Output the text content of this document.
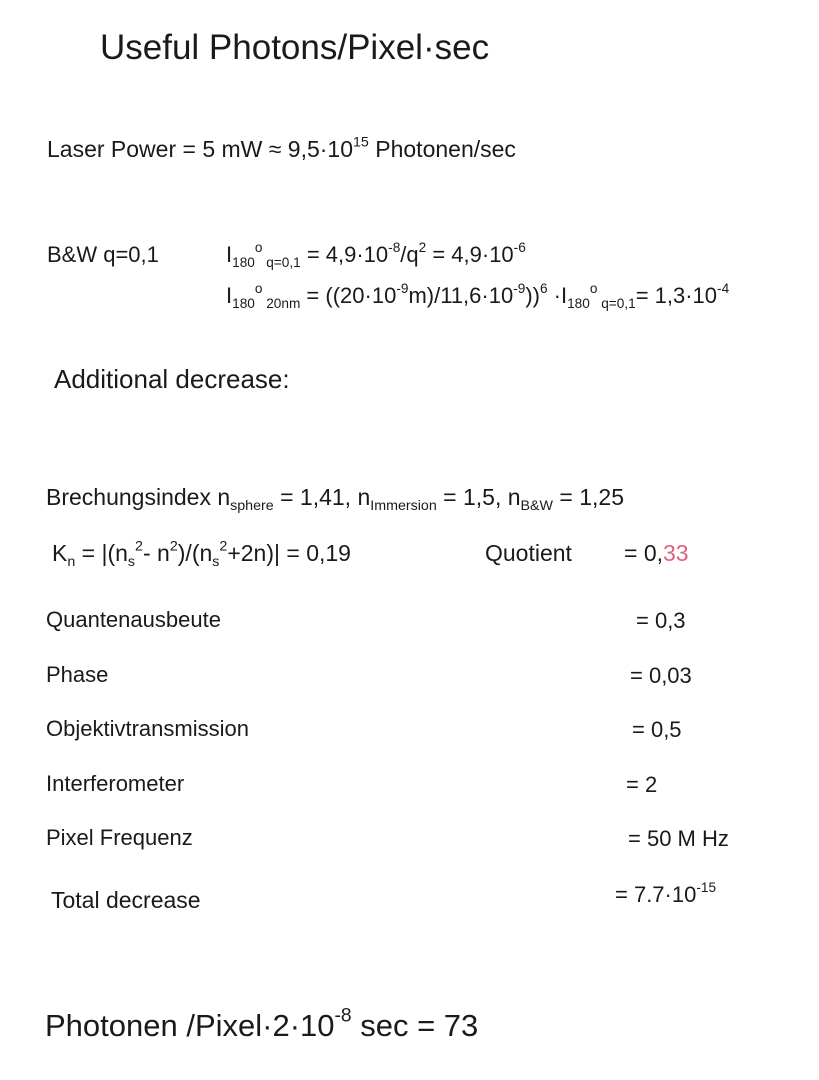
Useful Photons/Pixel·sec
Laser Power = 5 mW ≈ $9,5\cdot 10^{15}$ Photonen/sec
B&W q=0,1	$I_{180}^o$ $_{q=0,1} = 4,9\cdot 10^{-8}/q^2 = 4,9\cdot 10^{-6}$
$I_{180}^o$ $_{20nm} = ((20\cdot 10^{-9}m)/11,6\cdot 10^{-9}))^6 \cdot I_{180}^o$ $_{q=0,1}= 1,3\cdot 10^{-4}$
Additional decrease:
Brechungsindex $n_{sphere} = 1,41$, $n_{Immersion} = 1,5$, $n_{B\&W} = 1,25$
$K_n = |(n_s^2-$ $n^2)/(n_s^2+2n)| = 0,19$	Quotient = 0,33
Quantenausbeute	= 0,3
Phase	= 0,03
Objektivtransmission	= 0,5
Interferometer	= 2
Pixel Frequenz	= 50 M Hz
Total decrease	= $7.7\cdot 10^{-15}$
Photonen $/Pixel\cdot 2\cdot 10^{-8}$ sec = 73
